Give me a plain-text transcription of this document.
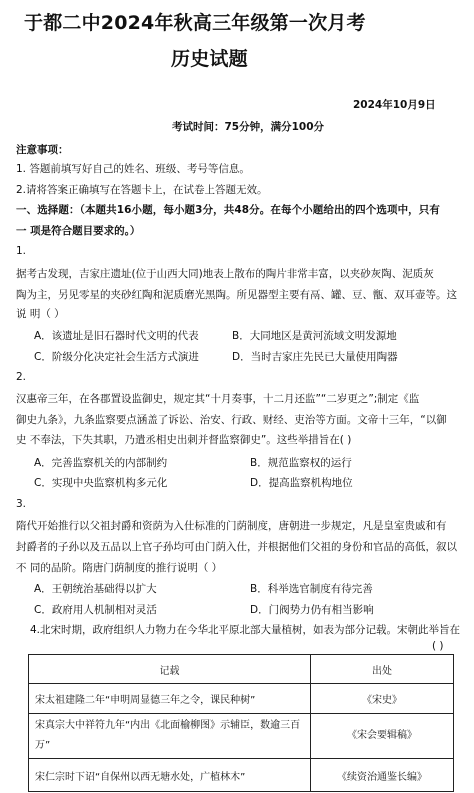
于都二中2024年秋高三年级第一次月考
历史试题
2024年10月9日
考试时间：75分钟，满分100分
注意事项：
1. 答题前填写好自己的姓名、班级、考号等信息。
2.请将答案正确填写在答题卡上，在试卷上答题无效。
一、选择题：（本题共16小题，每小题3分，共48分。在每个小题给出的四个选项中，只有
一 项是符合题目要求的。）
1.
据考古发现，吉家庄遗址(位于山西大同)地表上散布的陶片非常丰富，以夹砂灰陶、泥质灰
陶为主，另见零星的夹砂红陶和泥质磨光黑陶。所见器型主要有鬲、罐、豆、甑、双耳壶等。这
说 明（ ）
A．该遗址是旧石器时代文明的代表	B．大同地区是黄河流域文明发源地
C．阶级分化决定社会生活方式演进	D．当时吉家庄先民已大量使用陶器
2.
汉惠帝三年，在各郡置设监御史，规定其“十月奏事，十二月还监”“二岁更之”;制定《监
御史九条》，九条监察要点涵盖了诉讼、治安、行政、财经、吏治等方面。文帝十三年，“以御
史 不奉法，下失其职，乃遣丞相史出刺并督监察御史”。这些举措旨在( )
A．完善监察机关的内部制约	B．规范监察权的运行
C．实现中央监察机构多元化	D．提高监察机构地位
3.
隋代开始推行以父祖封爵和资荫为入仕标准的门荫制度，唐朝进一步规定，凡是皇室贵戚和有
封爵者的子孙以及五品以上官子孙均可由门荫入仕，并根据他们父祖的身份和官品的高低，叙以
不 同的品阶。隋唐门荫制度的推行说明（ ）
A．王朝统治基础得以扩大	B．科举选官制度有待完善
C．政府用人机制相对灵活	D．门阀势力仍有相当影响
4.北宋时期，政府组织人力物力在今华北平原北部大量植树，如表为部分记载。宋朝此举旨在
( )
记载	出处
宋太祖建隆二年“申明周显德三年之令，课民种树”	《宋史》
宋真宗大中祥符九年“内出《北面榆柳图》示辅臣，数逾三百万”	《宋会要辑稿》
宋仁宗时下诏“自保州以西无塘水处，广植林木”	《续资治通鉴长编》
